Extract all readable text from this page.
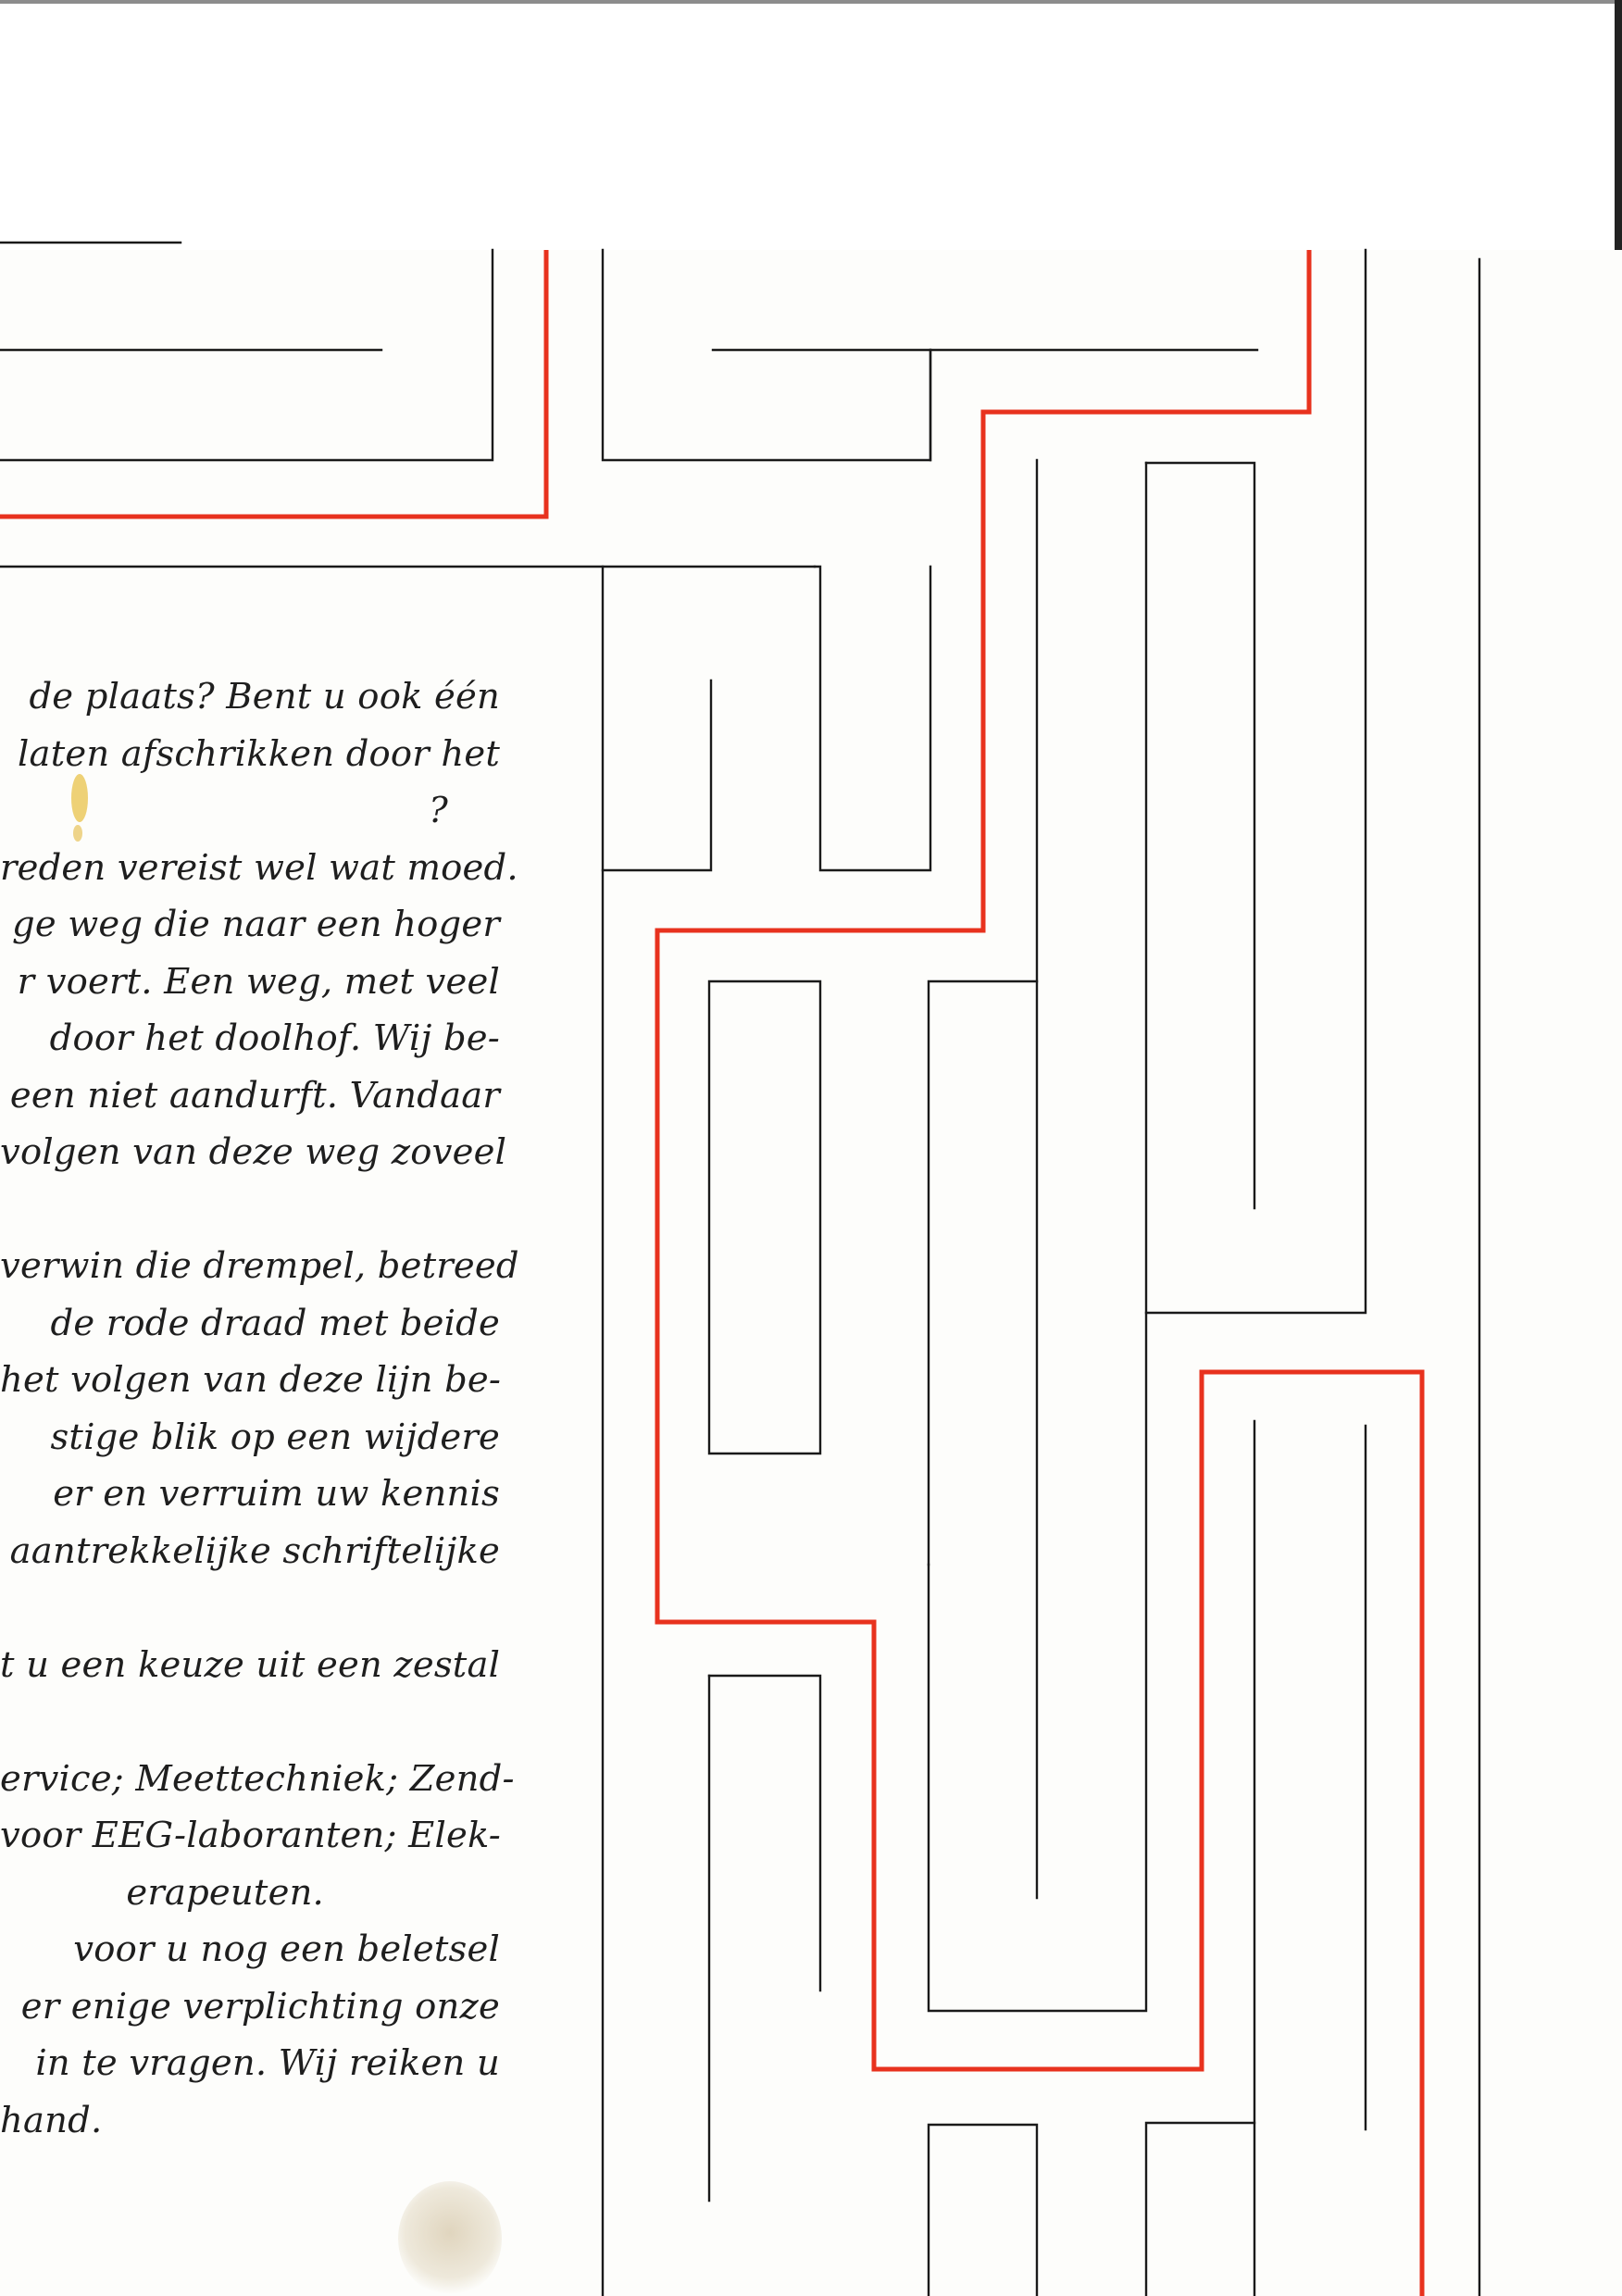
de plaats? Bent u ook één
laten afschrikken door het
?
reden vereist wel wat moed.
ge weg die naar een hoger
r voert. Een weg, met veel
door het doolhof. Wij be-
een niet aandurft. Vandaar
volgen van deze weg zoveel
verwin die drempel, betreed
de rode draad met beide
het volgen van deze lijn be-
stige blik op een wijdere
er en verruim uw kennis
aantrekkelijke schriftelijke
t u een keuze uit een zestal
ervice; Meettechniek; Zend-
voor EEG-laboranten; Elek-
erapeuten.
voor u nog een beletsel
er enige verplichting onze
in te vragen. Wij reiken u
hand.
